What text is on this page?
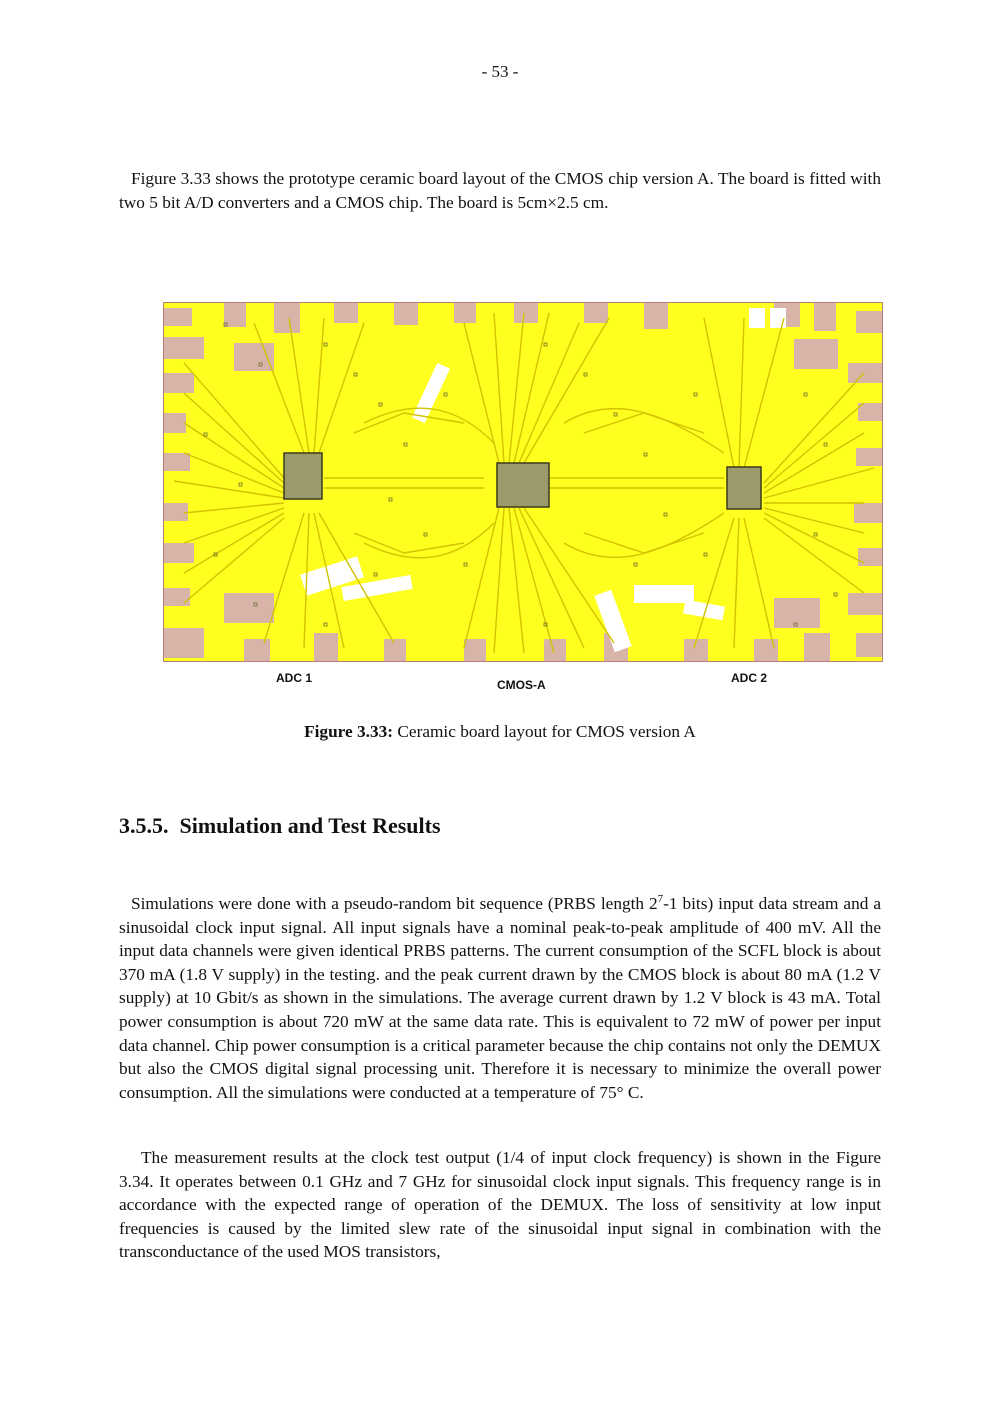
- 53 -

Figure 3.33 shows the prototype ceramic board layout of the CMOS chip version A. The board is fitted with two 5 bit A/D converters and a CMOS chip. The board is 5cm×2.5 cm.

ADC 1	CMOS-A	ADC 2
Figure 3.33: Ceramic board layout for CMOS version A
3.5.5. Simulation and Test Results

Simulations were done with a pseudo-random bit sequence (PRBS length $2^7-1$ bits) input data stream and a sinusoidal clock input signal. All input signals have a nominal peak-to-peak amplitude of 400 mV. All the input data channels were given identical PRBS patterns. The current consumption of the SCFL block is about 370 mA (1.8 V supply) in the testing. and the peak current drawn by the CMOS block is about 80 mA (1.2 V supply) at 10 Gbit/s as shown in the simulations. The average current drawn by 1.2 V block is 43 mA. Total power consumption is about 720 mW at the same data rate. This is equivalent to 72 mW of power per input data channel. Chip power consumption is a critical parameter because the chip contains not only the DEMUX but also the CMOS digital signal processing unit. Therefore it is necessary to minimize the overall power consumption. All the simulations were conducted at a temperature of 75° C.

The measurement results at the clock test output (1/4 of input clock frequency) is shown in the Figure 3.34. It operates between 0.1 GHz and 7 GHz for sinusoidal clock input signals. This frequency range is in accordance with the expected range of operation of the DEMUX. The loss of sensitivity at low input frequencies is caused by the limited slew rate of the sinusoidal input signal in combination with the transconductance of the used MOS transistors,
